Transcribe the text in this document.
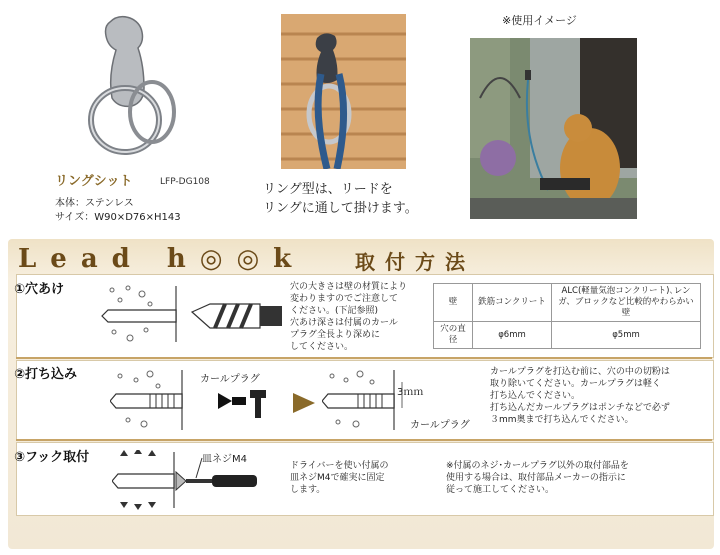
リングシット	LFP-DG108
本体：ステンレス
サイズ：W90×D76×H143
リング型は、リードを
リングに通して掛けます。
※使用イメージ
Lead h◎◎k 取付方法
①穴あけ	穴の大きさは壁の材質により
変わりますのでご注意して
ください。(下記参照)
穴あけ深さは付属のカール
プラグ全長より深めに
してください。
壁	鉄筋コンクリート	ALC(軽量気泡コンクリート)､レンガ、ブロックなど比較的やわらかい壁
穴の直径	φ6mm	φ5mm
②打ち込み	カールプラグ
3ｍｍ
カールプラグ
カールプラグを打込む前に、穴の中の切粉は
取り除いてください。カールプラグは軽く
打ち込んでください。
打ち込んだカールプラグはポンチなどで必ず
３mm奥まで打ち込んでください。
③フック取付	皿ネジM4
ドライバーを使い付属の
皿ネジM4で確実に固定
します。
※付属のネジ･カールプラグ以外の取付部品を
使用する場合は、取付部品メーカーの指示に
従って施工してください。
